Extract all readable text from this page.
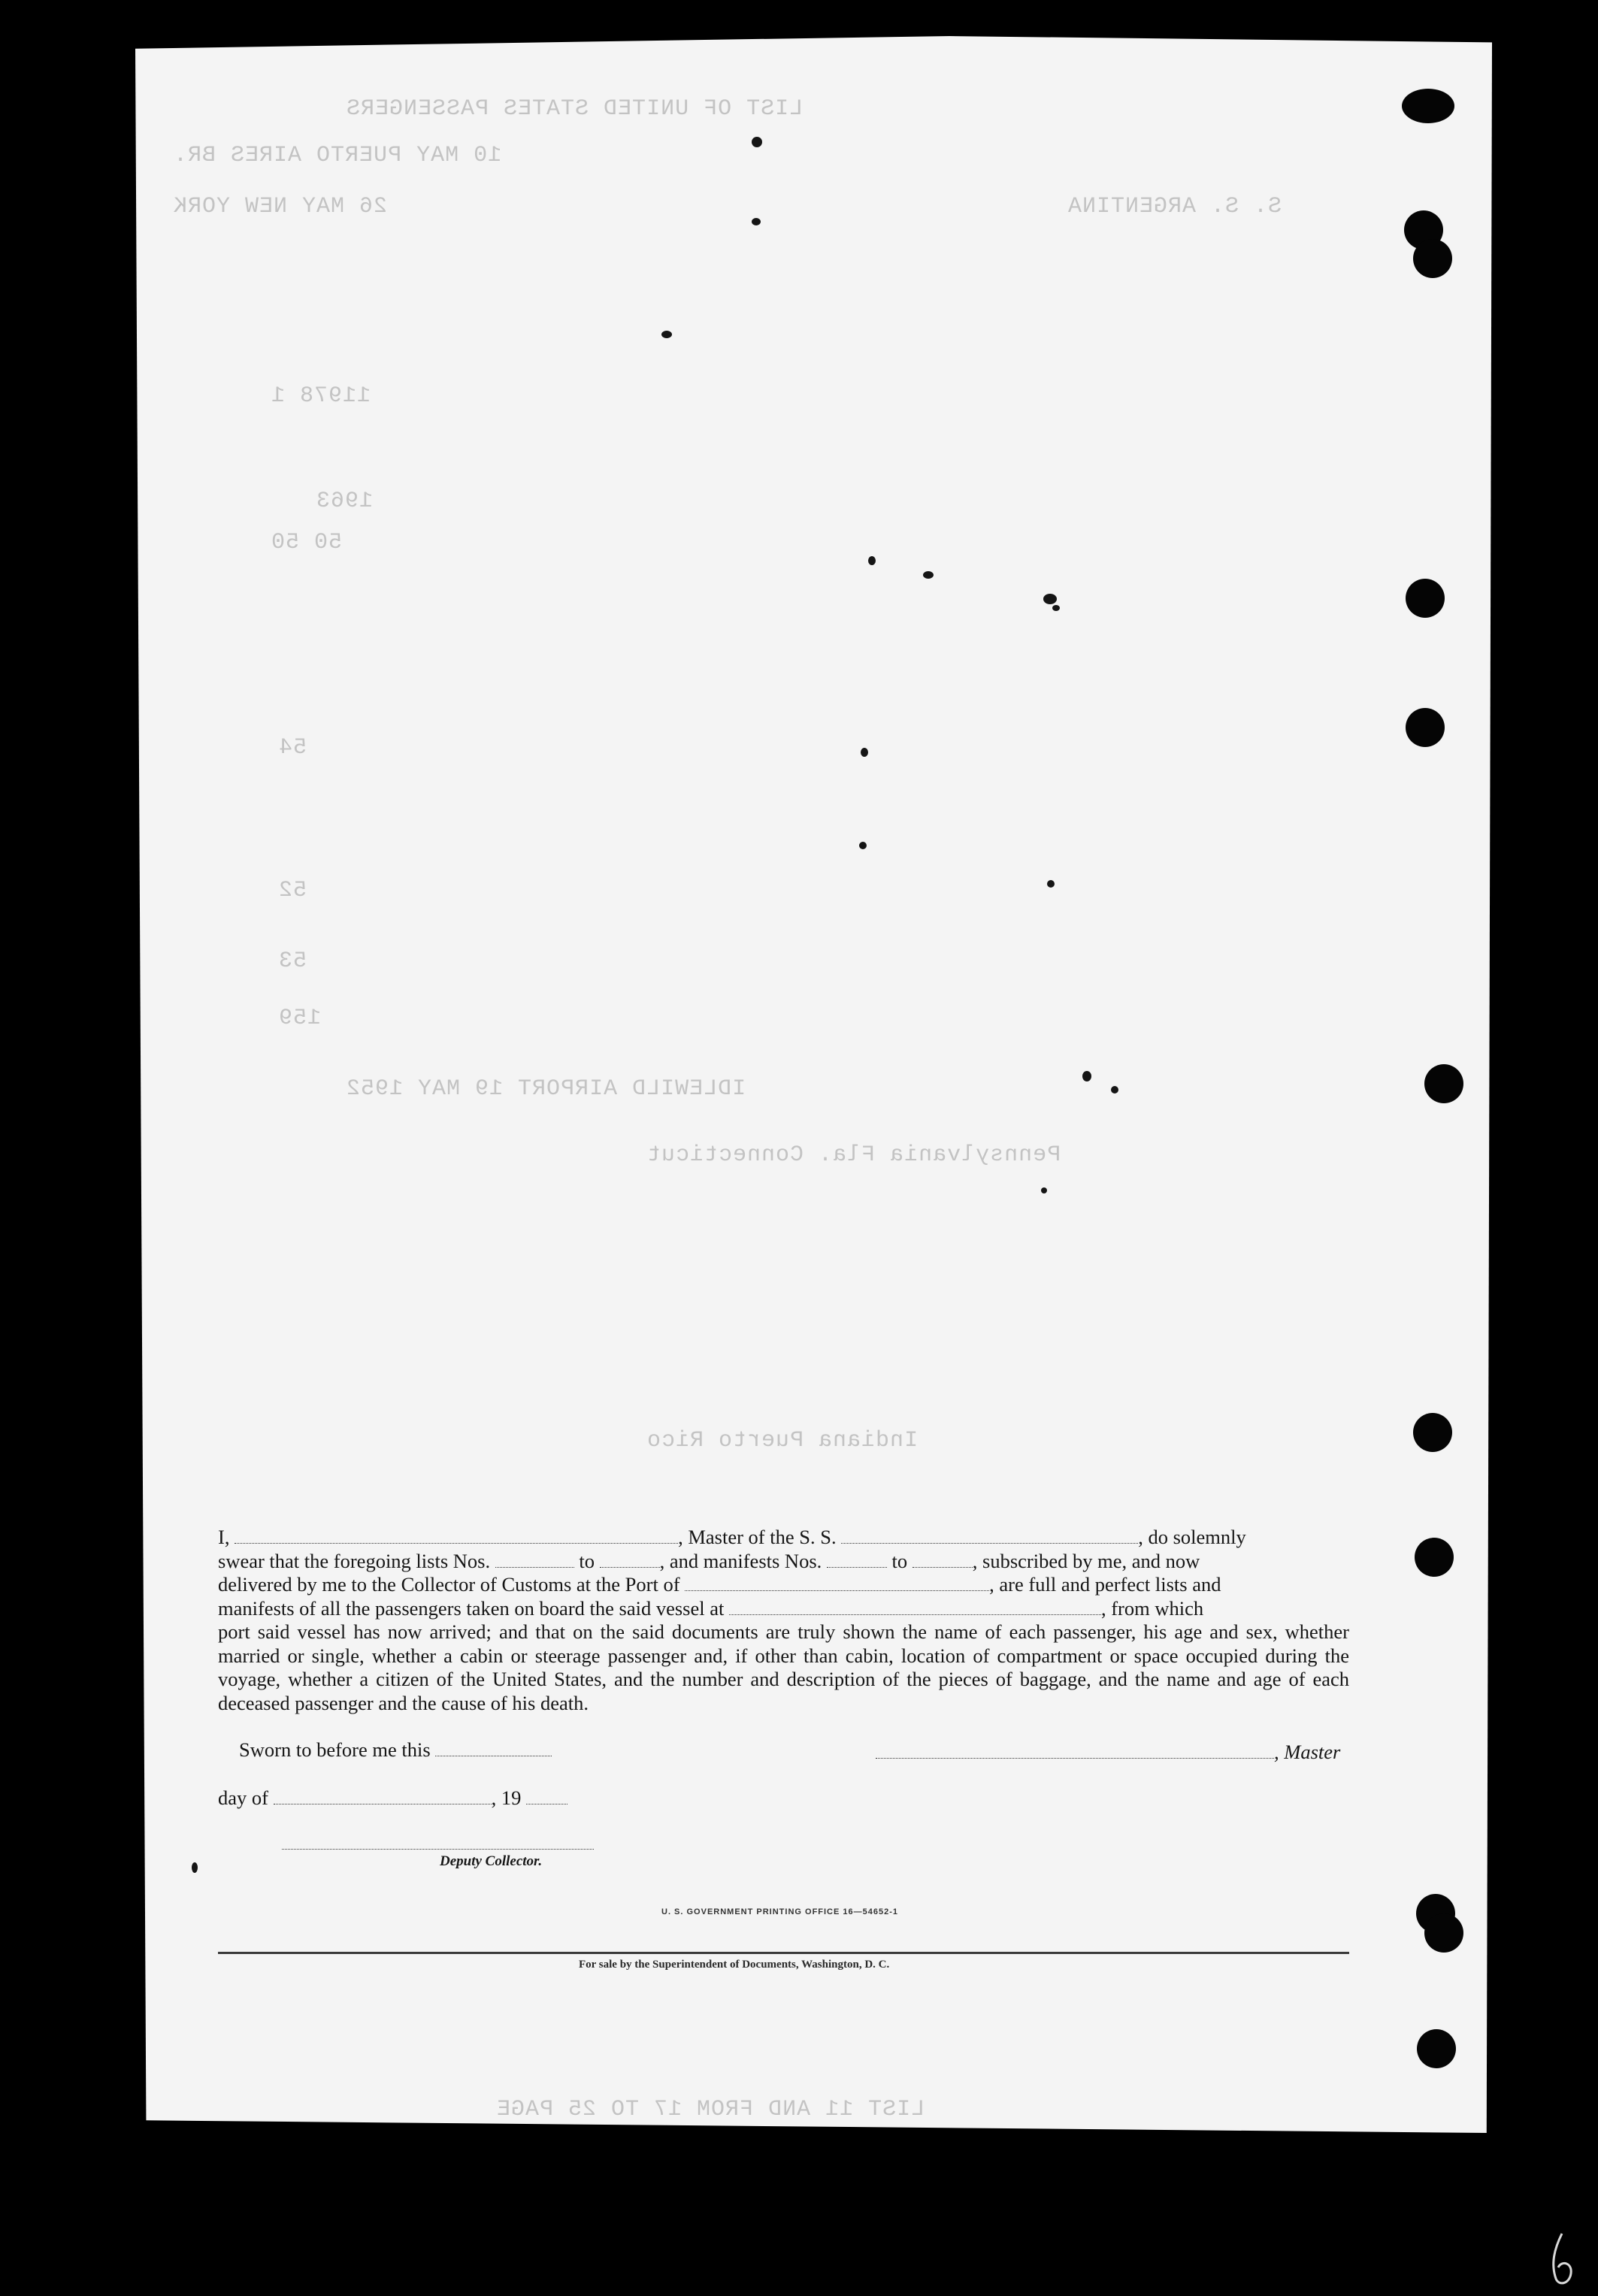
LIST OF UNITED STATES PASSENGERS
10 MAY PUERTO AIRES BR.
26 MAY NEW YORK	S. S. ARGENTINA
11978 1
1963
50 50
54
52
53
159
IDLEWILD AIRPORT 19 MAY 1952
Pennsylvania Fla. Connecticut
Indiana Puerto Rico
LIST 11 AND FROM 17 TO 25 PAGE

I,	, Master of the S. S.	, do solemnly

swear that the foregoing lists Nos.	to	, and manifests Nos.	to	, subscribed by me, and now

delivered by me to the Collector of Customs at the Port of	, are full and perfect lists and

manifests of all the passengers taken on board the said vessel at	, from which

port said vessel has now arrived; and that on the said documents are truly shown the name of each passenger, his age and sex, whether married or single, whether a cabin or steerage passenger and, if other than cabin, location of compartment or space occupied during the voyage, whether a citizen of the United States, and the number and description of the pieces of baggage, and the name and age of each deceased passenger and the cause of his death.

Sworn to before me this	, Master
day of	, 19
Deputy Collector.
U. S. GOVERNMENT PRINTING OFFICE 16—54652-1
For sale by the Superintendent of Documents, Washington, D. C.
